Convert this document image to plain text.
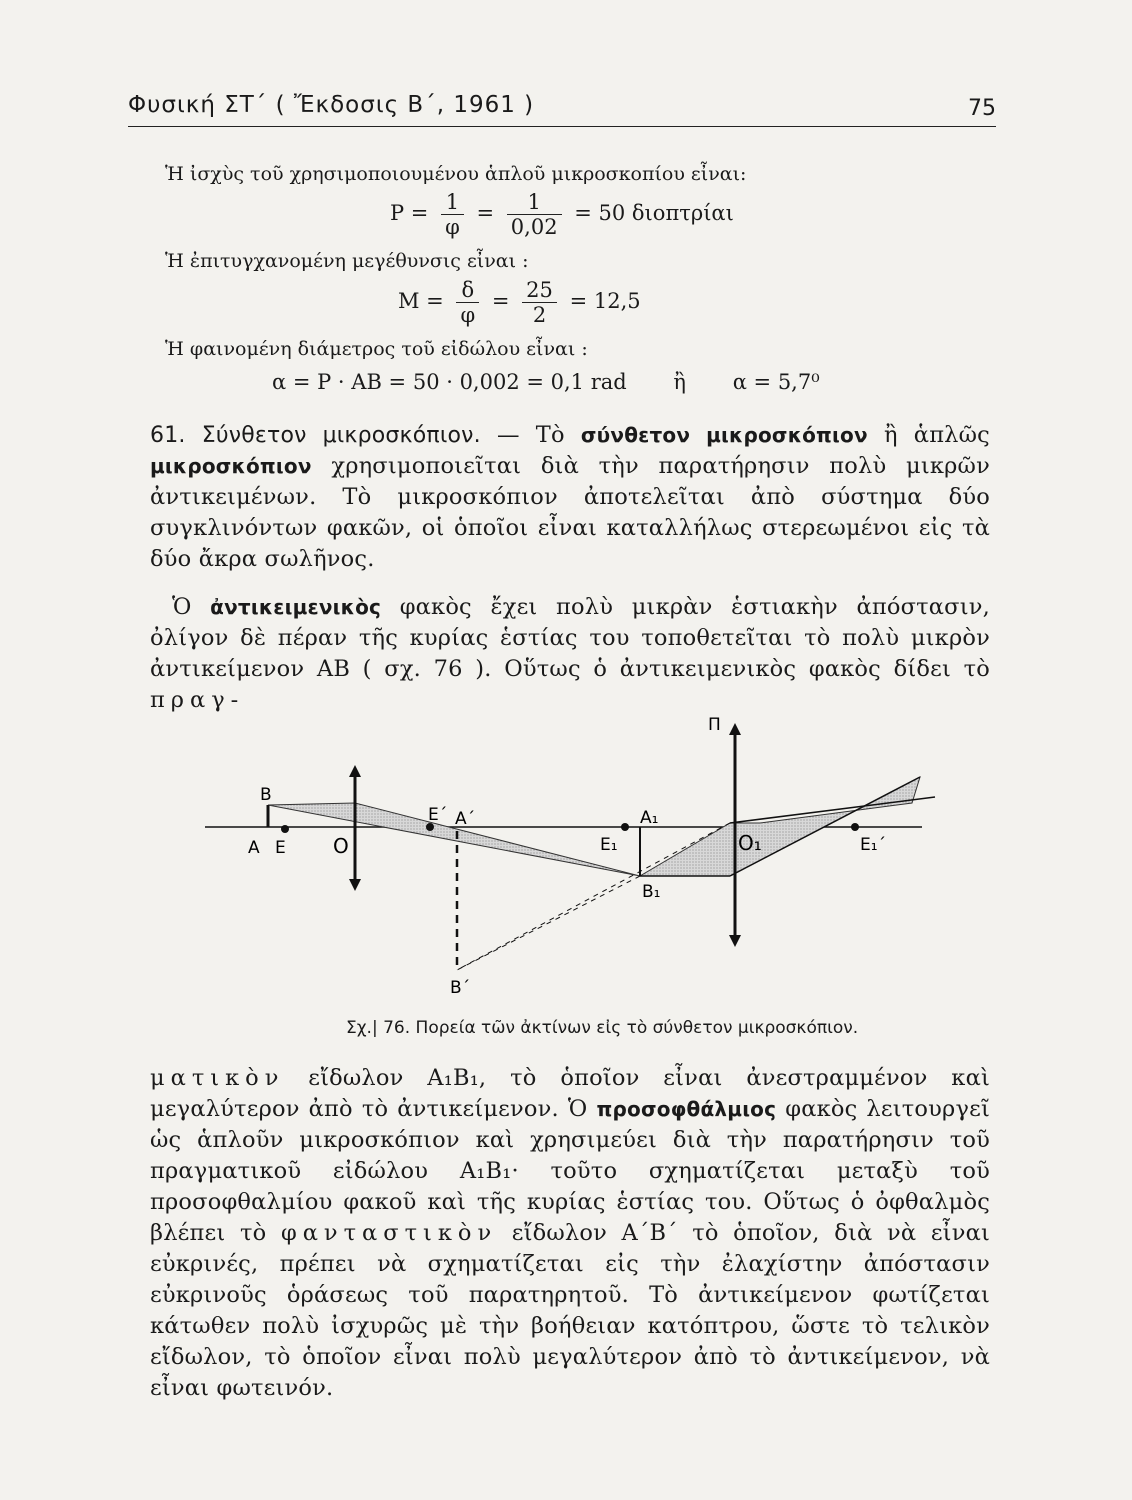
Φυσική ΣΤ΄ ( Ἔκδοσις Β΄, 1961 )	75
Ἡ ἰσχὺς τοῦ χρησιμοποιουμένου ἁπλοῦ μικροσκοπίου εἶναι:
$P = \frac{1}{\varphi} = \frac{1}{0,02} = 50$ διοπτρίαι
Ἡ ἐπιτυγχανομένη μεγέθυνσις εἶναι :
$M = \frac{\delta}{\varphi} = \frac{25}{2} = 12,5$
Ἡ φαινομένη διάμετρος τοῦ εἰδώλου εἶναι :
α = P · AB = 50 · 0,002 = 0,1 rad ἢ α = 5,7⁰
61. Σύνθετον μικροσκόπιον. — Τὸ σύνθετον μικροσκόπιον ἢ ἁπλῶς μικροσκόπιον χρησιμοποιεῖται διὰ τὴν παρατήρησιν πολὺ μικρῶν ἀντικειμένων. Τὸ μικροσκόπιον ἀποτελεῖται ἀπὸ σύστημα δύο συγκλινόντων φακῶν, οἱ ὁποῖοι εἶναι καταλλήλως στερεωμένοι εἰς τὰ δύο ἄκρα σωλῆνος.
Ὁ ἀντικειμενικὸς φακὸς ἔχει πολὺ μικρὰν ἑστιακὴν ἀπόστασιν, ὀλίγον δὲ πέραν τῆς κυρίας ἑστίας του τοποθετεῖται τὸ πολὺ μικρὸν ἀντικείμενον ΑΒ ( σχ. 76 ). Οὕτως ὁ ἀντικειμενικὸς φακὸς δίδει τὸ πραγ-
B
A E O
E΄ A΄	A₁
E₁
B₁
O₁	E₁΄
B΄
Π
Σχ.| 76. Πορεία τῶν ἀκτίνων εἰς τὸ σύνθετον μικροσκόπιον.
ματικὸν εἴδωλον A₁B₁, τὸ ὁποῖον εἶναι ἀνεστραμμένον καὶ μεγαλύτερον ἀπὸ τὸ ἀντικείμενον. Ὁ προσοφθάλμιος φακὸς λειτουργεῖ ὡς ἁπλοῦν μικροσκόπιον καὶ χρησιμεύει διὰ τὴν παρατήρησιν τοῦ πραγματικοῦ εἰδώλου A₁B₁· τοῦτο σχηματίζεται μεταξὺ τοῦ προσοφθαλμίου φακοῦ καὶ τῆς κυρίας ἑστίας του. Οὕτως ὁ ὀφθαλμὸς βλέπει τὸ φανταστικὸν εἴδωλον Α΄Β΄ τὸ ὁποῖον, διὰ νὰ εἶναι εὐκρινές, πρέπει νὰ σχηματίζεται εἰς τὴν ἐλαχίστην ἀπόστασιν εὐκρινοῦς ὁράσεως τοῦ παρατηρητοῦ. Τὸ ἀντικείμενον φωτίζεται κάτωθεν πολὺ ἰσχυρῶς μὲ τὴν βοήθειαν κατόπτρου, ὥστε τὸ τελικὸν εἴδωλον, τὸ ὁποῖον εἶναι πολὺ μεγαλύτερον ἀπὸ τὸ ἀντικείμενον, νὰ εἶναι φωτεινόν.
